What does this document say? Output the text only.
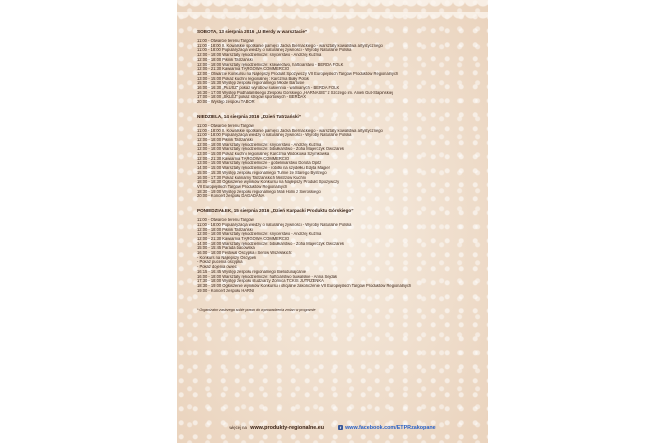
SOBOTA, 13 sierpnia 2016 „U Berdy w warsztacie”
11:00 - Otwarcie terenu Targów
11:00 - 18:00 II. Kowalskie spotkanie pamięci Jacka Biernackiego - warsztaty kowalstwa artystycznego
11:00 - 18:00 Popularyzacja wiedzy o naturalnej żywności - Wyroby Naturalne Polska
12:00 - 18:00 Warsztaty rękodzielnicze: snycerstwo - Andrzej Kuźma
12:00 - 18:00 Piknik Tatrzański
12:00 - 18:00 Warsztaty rękodzielnicze: krawiectwo, haftciarstwo - BERDA FOLK
12:00 - 21:30 Kawiarnia TĄRGOWA COMMERCIO
12:00 - Otwarcie Konkursu na Najlepszy Produkt Spożywczy VII Europejskich Targów Produktów Regionalnych
13:00 - 15:00 Pokaz kuchni regionalnej : Karczma Biały Potok
15:00 - 15:30 Występ zespołu regionalnego Młode Bartusie
16:00 - 16:30 „PŁUSZ” pokaz wyrobów sukiennia - walnianych - BERDA FOLK
16:30 - 17:00 Występ Podhalańskiego Zespołu Górskiego „HARNASIE” z Szczego im. Anieli Gut-Stapińskiej
17:00 - 18:00 „SKLEJ” pokaz strojów sportowych - BERDAX
20:00 - Występ zespołu TABOR
NIEDZIELA, 14 sierpnia 2016 „Dzień Tatrzański”
11:00 - Otwarcie terenu Targów
11:00 - 18:00 II. Kowalskie spotkanie pamięci Jacka Biernackiego - warsztaty kowalstwa artystycznego
11:00 - 18:00 Popularyzacja wiedzy o naturalnej żywności - Wyroby Naturalne Polska
12:00 - 18:00 Piknik Tatrzański
12:00 - 18:00 Warsztaty rękodzielnicze: snycerstwo - Andrzej Kuźma
12:00 - 18:00 Warsztaty rękodzielnicze: bibułkarstwo - Zofia Majerczyk Owczarek
13:00 - 15:00 Pokaz kuchni regionalnej: Karczma Widokowa Szymkówka
12:00 - 21:30 Kawiarnia TĄRGOWA COMMERCIO
13:00 - 15:00 Warsztaty rękodzielnicze - gobeliniarstwo Dorota Opitz
14:00 - 15:00 Warsztaty rękodzielnicze - robitki na szydełku Edyta Magier
15:00 - 15:30 Występ zespołu regionalnego Turnie ze Starego Bystrego
16:00 - 17:30 Pokaz kulinarny Tatrzańskich Mistrzów Kuchni
18:00 - 18:30 Ogłoszenie wyników Konkursu na Najlepszy Produkt Spożywczy
VII Europejskich Targów Produktów Regionalnych
18:30 - 19:00 Występ zespołu regionalnego Mali Holni z Sieroskiego
20:00 - Koncert zespołu DAGADANA
PONIEDZIAŁEK, 15 sierpnia 2016 „Dzień Karpacki Produktu Górskiego”
11:00 - Otwarcie terenu Targów
11:00 - 18:00 Popularyzacja wiedzy o naturalnej żywności - Wyroby Naturalne Polska
12:00 - 18:00 Piknik Tatrzański
12:00 - 18:00 Warsztaty rękodzielnicze: snycerstwo - Andrzej Kuźma
12:00 - 21:30 Kawiarnia TĄRGOWA COMMERCIO
14:00 - 18:00 Warsztaty rękodzielnicze: bibułkarstwo - Zofia Majerczyk Owczarek
15:00 - 15:45 Parada bacowska
16:00 - 18:00 Festiwal Oscypka i Serów Wszełakich:
- Konkurs na Najlepszy Oscypek
- Pokaz pucenia oscypka
- Pokaz dojenia owiec
16:15 - 16:45 Występ zespołu regionalnego Bielodunajcanie
16:00 - 18:00 Warsztaty rękodzielnicze: haftciarstwo tiuwalskie - Anna Sejdak
17:30 - 18:00 Występ zespołu studziarzy Zornica TCKIS JUTRZENKA
18:30 - 19:00 Ogłoszenie wyników Konkursu i oficjalne zakończenie VII Europejskich Targów Produktów Regionalnych
19:00 - Koncert zespołu HARNI
* Organizator zastrzega sobie prawo do wprowadzenia zmian w programie
więcej na www.produkty-regionalne.eu	f www.facebook.com/ETPRzakopane
